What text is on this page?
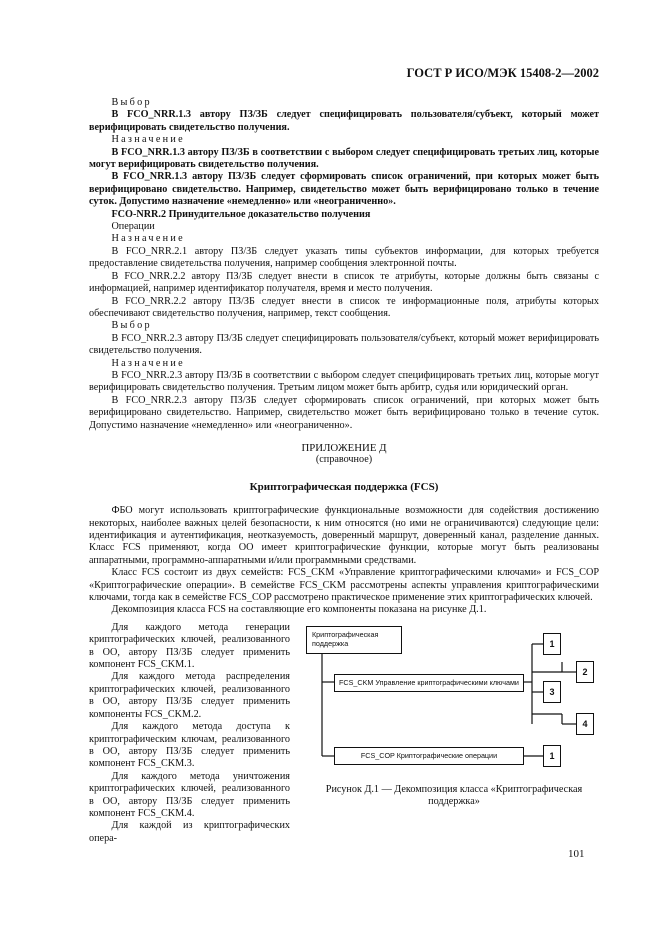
ГОСТ Р ИСО/МЭК 15408-2—2002

Выбор

В FCO_NRR.1.3 автору ПЗ/ЗБ следует специфицировать пользователя/субъект, который может верифицировать свидетельство получения.

Назначение

В FCO_NRR.1.3 автору ПЗ/ЗБ в соответствии с выбором следует специфицировать третьих лиц, которые могут верифицировать свидетельство получения.

В FCO_NRR.1.3 автору ПЗ/ЗБ следует сформировать список ограничений, при которых может быть верифицировано свидетельство. Например, свидетельство может быть верифицировано только в течение суток. Допустимо назначение «немедленно» или «неограниченно».

FCO-NRR.2 Принудительное доказательство получения

Операции

Назначение

В FCO_NRR.2.1 автору ПЗ/ЗБ следует указать типы субъектов информации, для которых требуется предоставление свидетельства получения, например сообщения электронной почты.

В FCO_NRR.2.2 автору ПЗ/ЗБ следует внести в список те атрибуты, которые должны быть связаны с информацией, например идентификатор получателя, время и место получения.

В FCO_NRR.2.2 автору ПЗ/ЗБ следует внести в список те информационные поля, атрибуты которых обеспечивают свидетельство получения, например, текст сообщения.

Выбор

В FCO_NRR.2.3 автору ПЗ/ЗБ следует специфицировать пользователя/субъект, который может верифицировать свидетельство получения.

Назначение

В FCO_NRR.2.3 автору ПЗ/ЗБ в соответствии с выбором следует специфицировать третьих лиц, которые могут верифицировать свидетельство получения. Третьим лицом может быть арбитр, судья или юридический орган.

В FCO_NRR.2.3 автору ПЗ/ЗБ следует сформировать список ограничений, при которых может быть верифицировано свидетельство. Например, свидетельство может быть верифицировано только в течение суток. Допустимо назначение «немедленно» или «неограниченно».

ПРИЛОЖЕНИЕ Д

(справочное)

Криптографическая поддержка (FCS)

ФБО могут использовать криптографические функциональные возможности для содействия достижению некоторых, наиболее важных целей безопасности, к ним относятся (но ими не ограничиваются) следующие цели: идентификация и аутентификация, неотказуемость, доверенный маршрут, доверенный канал, разделение данных. Класс FCS применяют, когда ОО имеет криптографические функции, которые могут быть реализованы аппаратными, программно-аппаратными и/или программными средствами.

Класс FCS состоит из двух семейств: FCS_CKM «Управление криптографическими ключами» и FCS_COP «Криптографические операции». В семействе FCS_CKM рассмотрены аспекты управления криптографическими ключами, тогда как в семействе FCS_COP рассмотрено практическое применение этих криптографических ключей.

Декомпозиция класса FCS на составляющие его компоненты показана на рисунке Д.1.

Для каждого метода генерации криптографических ключей, реализованного в ОО, автору ПЗ/ЗБ следует применить компонент FCS_CKM.1.

Для каждого метода распределения криптографических ключей, реализованного в ОО, автору ПЗ/ЗБ следует применить компоненты FCS_CKM.2.

Для каждого метода доступа к криптографическим ключам, реализованного в ОО, автору ПЗ/ЗБ следует применить компонент FCS_CKM.3.

Для каждого метода уничтожения криптографических ключей, реализованного в ОО, автору ПЗ/ЗБ следует применить компонент FCS_CKM.4.

Для каждой из криптографических опера-

Криптографическая поддержка
FCS_CKM Управление криптографическими ключами
FCS_COP Криптографические операции
1
2
3
4
1
Рисунок Д.1 — Декомпозиция класса «Криптографическая поддержка»
101
